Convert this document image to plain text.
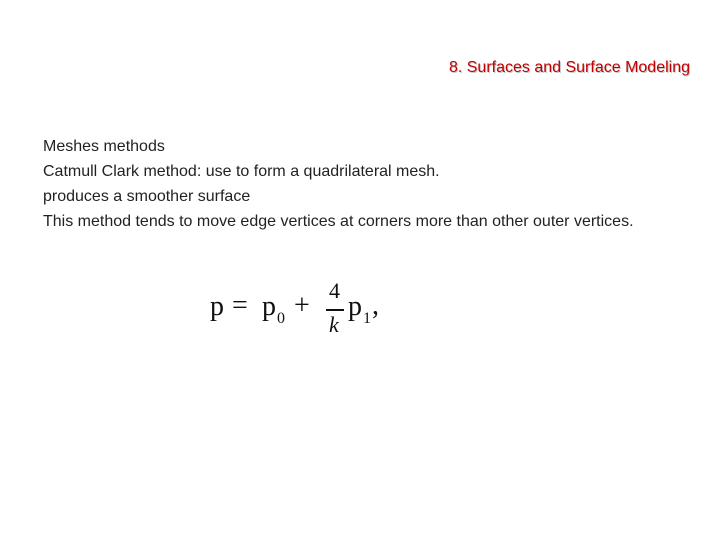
8. Surfaces and Surface Modeling
Meshes methods
Catmull Clark method: use to form a quadrilateral mesh.
produces a smoother surface
This method tends to move edge vertices at corners more than other outer vertices.
p = p 0 + 4
k
p 1 ,
